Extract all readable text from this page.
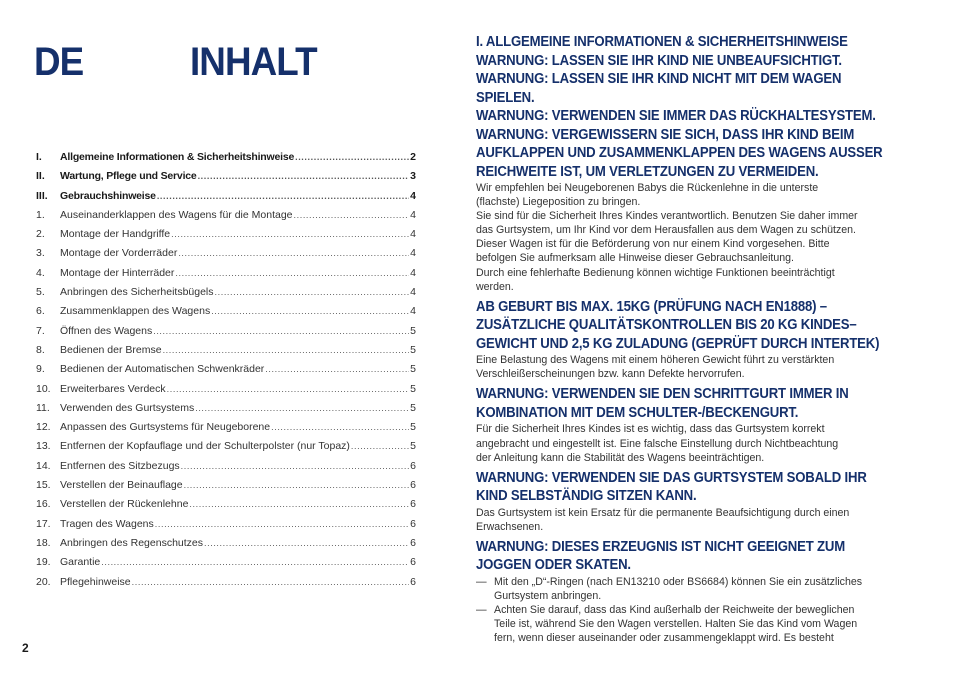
DE	INHALT
I.	Allgemeine Informationen & Sicherheitshinweise .....	2
II.	Wartung, Pflege und Service .....	3
III.	Gebrauchshinweise .....	4
1.	Auseinanderklappen des Wagens für die Montage .....	4
2.	Montage der Handgriffe .....	4
3.	Montage der Vorderräder .....	4
4.	Montage der Hinterräder .....	4
5.	Anbringen des Sicherheitsbügels .....	4
6.	Zusammenklappen des Wagens .....	4
7.	Öffnen des Wagens .....	5
8.	Bedienen der Bremse .....	5
9.	Bedienen der Automatischen Schwenkräder .....	5
10. Erweiterbares Verdeck .....	5
11. Verwenden des Gurtsystems .....	5
12. Anpassen des Gurtsystems für Neugeborene .....	5
13. Entfernen der Kopfauflage und der Schulterpolster (nur Topaz) .....	5
14. Entfernen des Sitzbezugs .....	6
15. Verstellen der Beinauflage .....	6
16. Verstellen der Rückenlehne .....	6
17. Tragen des Wagens .....	6
18. Anbringen des Regenschutzes .....	6
19. Garantie .....	6
20. Pflegehinweise .....	6
2
I. ALLGEMEINE INFORMATIONEN & SICHERHEITSHINWEISE
WARNUNG: LASSEN SIE IHR KIND NIE UNBEAUFSICHTIGT.
WARNUNG: LASSEN SIE IHR KIND NICHT MIT DEM WAGEN
SPIELEN.
WARNUNG: VERWENDEN SIE IMMER DAS RÜCKHALTESYSTEM.
WARNUNG: VERGEWISSERN SIE SICH, DASS IHR KIND BEIM
AUFKLAPPEN UND ZUSAMMENKLAPPEN DES WAGENS AUSSER
REICHWEITE IST, UM VERLETZUNGEN ZU VERMEIDEN.
Wir empfehlen bei Neugeborenen Babys die Rückenlehne in die unterste
(flachste) Liegeposition zu bringen.
Sie sind für die Sicherheit Ihres Kindes verantwortlich. Benutzen Sie daher immer
das Gurtsystem, um Ihr Kind vor dem Herausfallen aus dem Wagen zu schützen.
Dieser Wagen ist für die Beförderung von nur einem Kind vorgesehen. Bitte
befolgen Sie aufmerksam alle Hinweise dieser Gebrauchsanleitung.
Durch eine fehlerhafte Bedienung können wichtige Funktionen beeinträchtigt
werden.
AB GEBURT BIS MAX. 15KG (PRÜFUNG NACH EN1888) –
ZUSÄTZLICHE QUALITÄTSKONTROLLEN BIS 20 KG KINDES–
GEWICHT UND 2,5 KG ZULADUNG (GEPRÜFT DURCH INTERTEK)
Eine Belastung des Wagens mit einem höheren Gewicht führt zu verstärkten
Verschleißerscheinungen bzw. kann Defekte hervorrufen.
WARNUNG: VERWENDEN SIE DEN SCHRITTGURT IMMER IN
KOMBINATION MIT DEM SCHULTER-/BECKENGURT.
Für die Sicherheit Ihres Kindes ist es wichtig, dass das Gurtsystem korrekt
angebracht und eingestellt ist. Eine falsche Einstellung durch Nichtbeachtung
der Anleitung kann die Stabilität des Wagens beeinträchtigen.
WARNUNG: VERWENDEN SIE DAS GURTSYSTEM SOBALD IHR
KIND SELBSTÄNDIG SITZEN KANN.
Das Gurtsystem ist kein Ersatz für die permanente Beaufsichtigung durch einen
Erwachsenen.
WARNUNG: DIESES ERZEUGNIS IST NICHT GEEIGNET ZUM
JOGGEN ODER SKATEN.
— Mit den „D“-Ringen (nach EN13210 oder BS6684) können Sie ein zusätzliches
Gurtsystem anbringen.
— Achten Sie darauf, dass das Kind außerhalb der Reichweite der beweglichen
Teile ist, während Sie den Wagen verstellen. Halten Sie das Kind vom Wagen
fern, wenn dieser auseinander oder zusammengeklappt wird. Es besteht
